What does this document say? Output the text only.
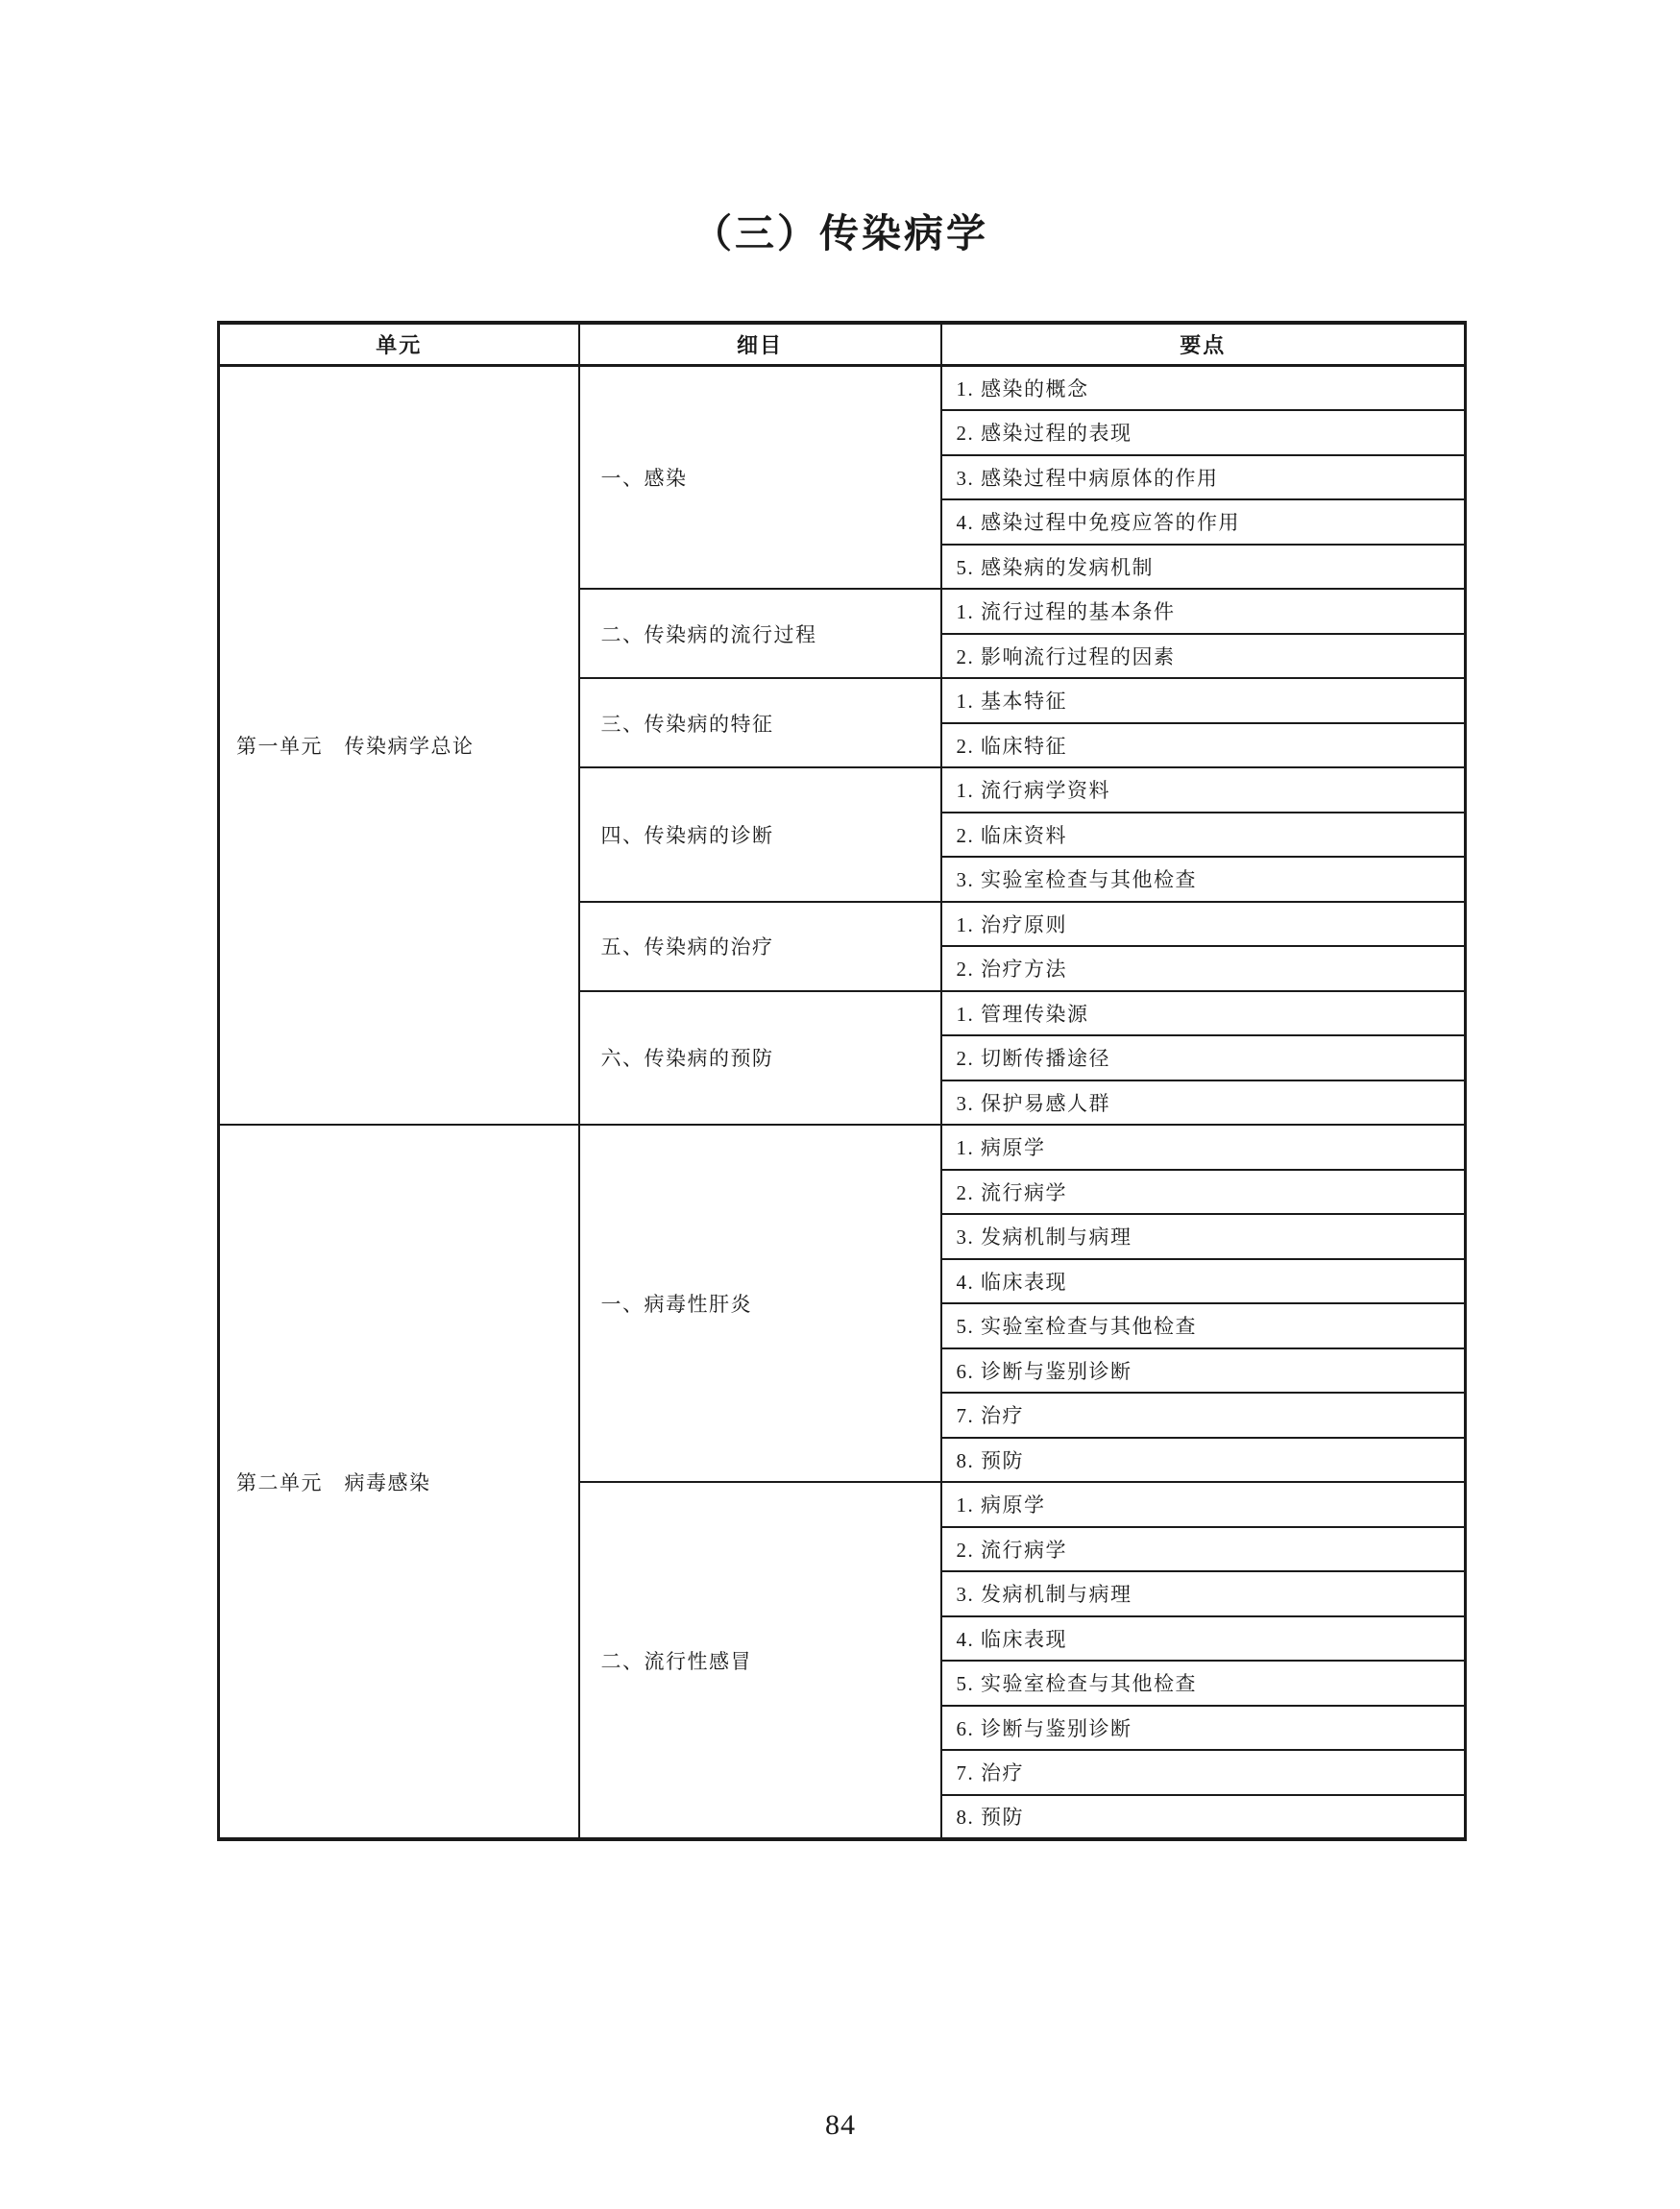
（三）传染病学
单元	细目	要点
第一单元　传染病学总论	一、感染	1. 感染的概念
		2. 感染过程的表现
		3. 感染过程中病原体的作用
		4. 感染过程中免疫应答的作用
		5. 感染病的发病机制
	二、传染病的流行过程	1. 流行过程的基本条件
		2. 影响流行过程的因素
	三、传染病的特征	1. 基本特征
		2. 临床特征
	四、传染病的诊断	1. 流行病学资料
		2. 临床资料
		3. 实验室检查与其他检查
	五、传染病的治疗	1. 治疗原则
		2. 治疗方法
	六、传染病的预防	1. 管理传染源
		2. 切断传播途径
		3. 保护易感人群
第二单元　病毒感染	一、病毒性肝炎	1. 病原学
		2. 流行病学
		3. 发病机制与病理
		4. 临床表现
		5. 实验室检查与其他检查
		6. 诊断与鉴别诊断
		7. 治疗
		8. 预防
	二、流行性感冒	1. 病原学
		2. 流行病学
		3. 发病机制与病理
		4. 临床表现
		5. 实验室检查与其他检查
		6. 诊断与鉴别诊断
		7. 治疗
		8. 预防
84
